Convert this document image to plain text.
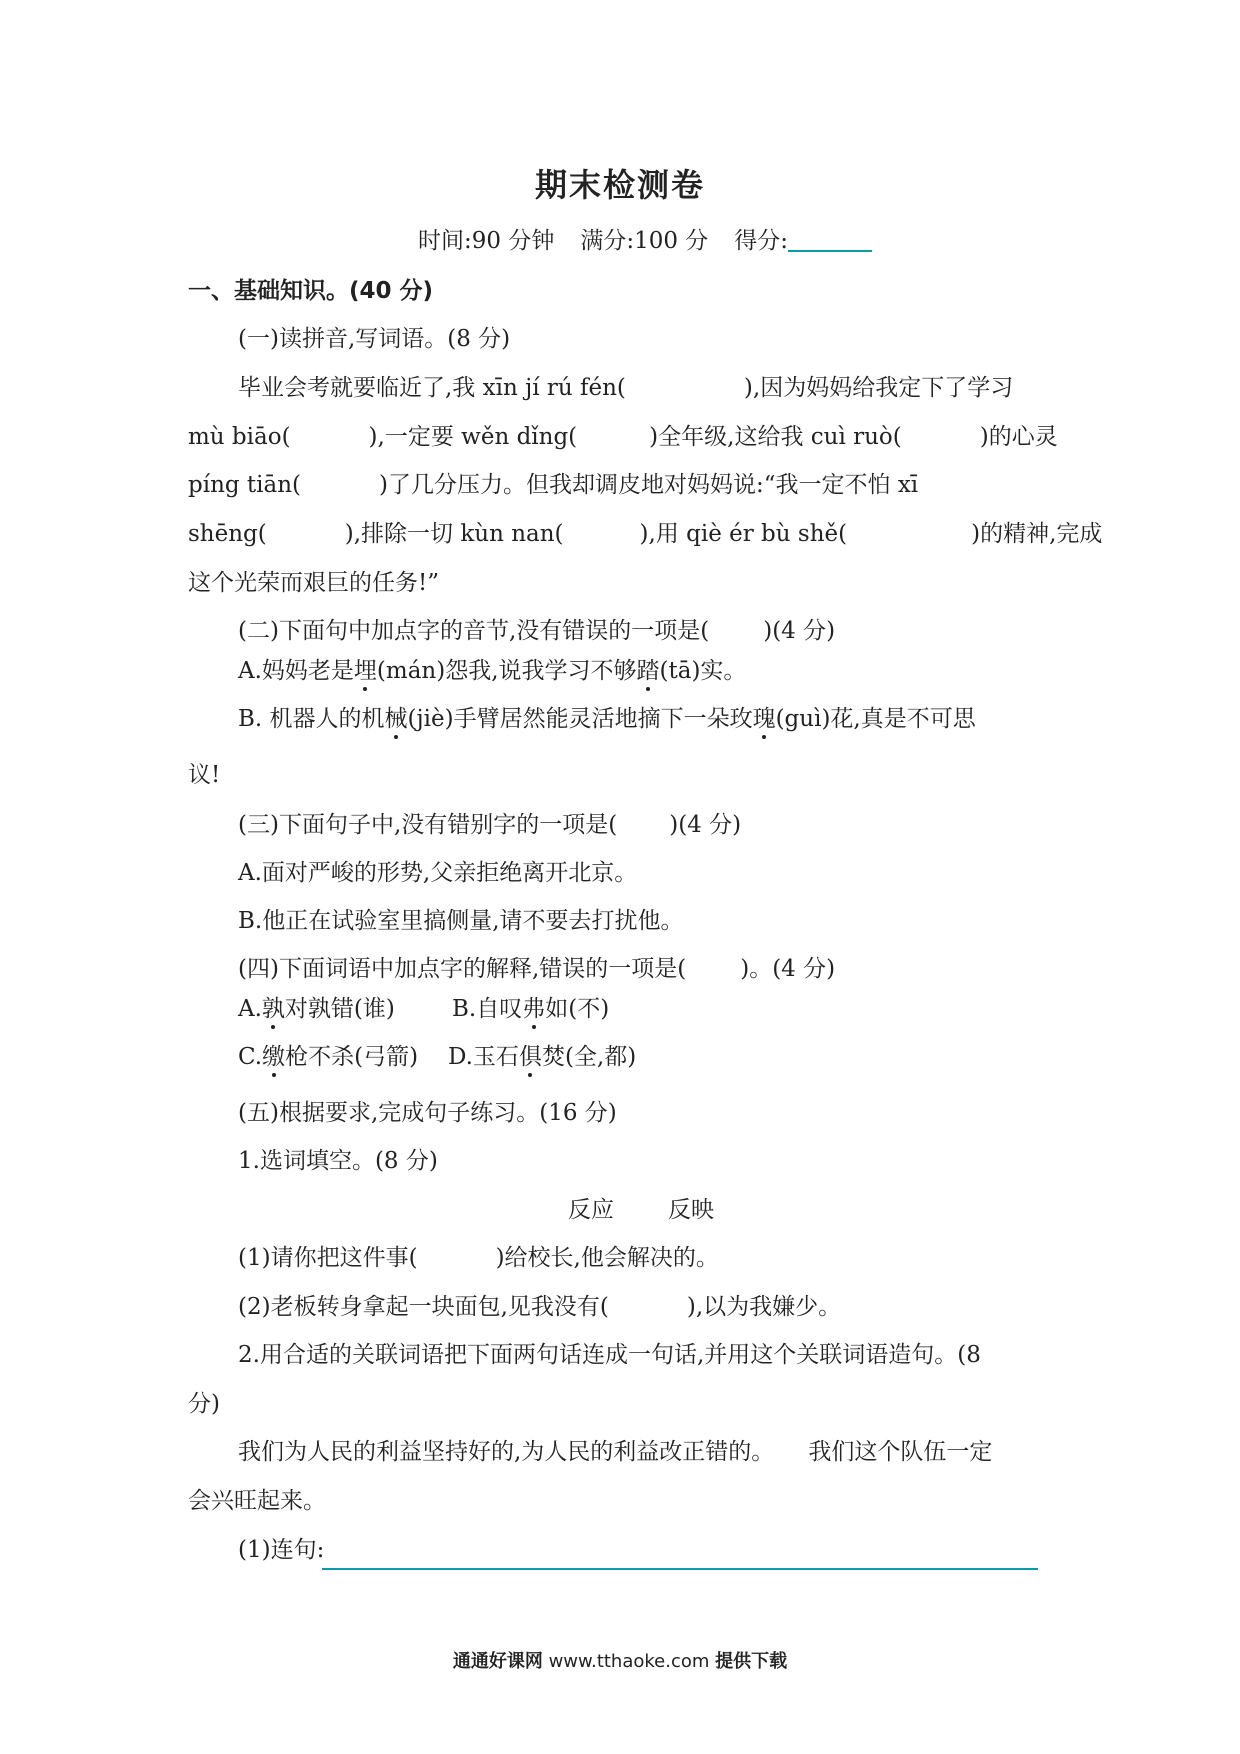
期末检测卷
时间:90 分钟 满分:100 分 得分:
一、基础知识。(40 分)
(一)读拼音,写词语。(8 分)
毕业会考就要临近了,我 xīn jí rú fén(	),因为妈妈给我定下了学习
mù biāo(	),一定要 wěn dǐng(	)全年级,这给我 cuì ruò(	)的心灵
píng tiān(	)了几分压力。但我却调皮地对妈妈说:“我一定不怕 xī
shēng(	),排除一切 kùn nan(	),用 qiè ér bù shě(	)的精神,完成
这个光荣而艰巨的任务!”
(二)下面句中加点字的音节,没有错误的一项是( )(4 分)
A.妈妈老是埋(mán)怨我,说我学习不够踏(tā)实。
B. 机器人的机械(jiè)手臂居然能灵活地摘下一朵玫瑰(guì)花,真是不可思
议!
(三)下面句子中,没有错别字的一项是( )(4 分)
A.面对严峻的形势,父亲拒绝离开北京。
B.他正在试验室里搞侧量,请不要去打扰他。
(四)下面词语中加点字的解释,错误的一项是( )。(4 分)
A.孰对孰错(谁) B.自叹弗如(不)
C.缴枪不杀(弓箭) D.玉石俱焚(全,都)
(五)根据要求,完成句子练习。(16 分)
1.选词填空。(8 分)
反应 反映
(1)请你把这件事(	)给校长,他会解决的。
(2)老板转身拿起一块面包,见我没有(	),以为我嫌少。
2.用合适的关联词语把下面两句话连成一句话,并用这个关联词语造句。(8
分)
我们为人民的利益坚持好的,为人民的利益改正错的。 我们这个队伍一定
会兴旺起来。
(1)连句:
通通好课网 www.tthaoke.com 提供下载
